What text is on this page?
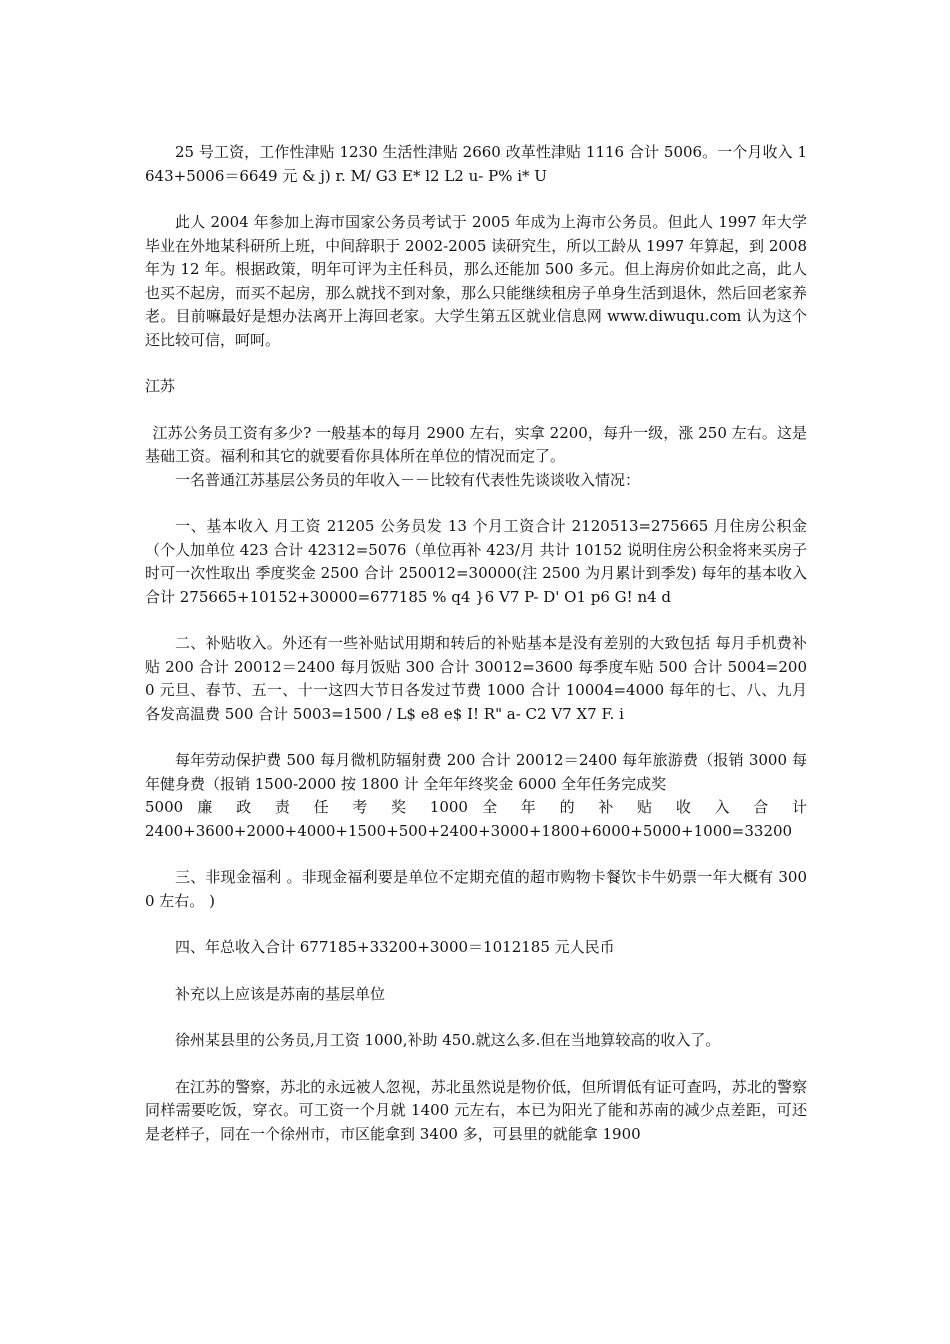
25 号工资，工作性津贴 1230 生活性津贴 2660 改革性津贴 1116 合计 5006。一个月收入 1643+5006＝6649 元 & j) r. M/ G3 E* l2 L2 u- P% i* U

此人 2004 年参加上海市国家公务员考试于 2005 年成为上海市公务员。但此人 1997 年大学毕业在外地某科研所上班，中间辞职于 2002-2005 读研究生，所以工龄从 1997 年算起，到 2008 年为 12 年。根据政策，明年可评为主任科员，那么还能加 500 多元。但上海房价如此之高，此人也买不起房，而买不起房，那么就找不到对象，那么只能继续租房子单身生活到退休，然后回老家养老。目前嘛最好是想办法离开上海回老家。大学生第五区就业信息网 www.diwuqu.com 认为这个还比较可信，呵呵。

江苏

江苏公务员工资有多少? 一般基本的每月 2900 左右，实拿 2200，每升一级，涨 250 左右。这是基础工资。福利和其它的就要看你具体所在单位的情况而定了。

一名普通江苏基层公务员的年收入－－比较有代表性先谈谈收入情况：

一、基本收入 月工资 21205 公务员发 13 个月工资合计 2120513=275665 月住房公积金（个人加单位 423 合计 42312=5076（单位再补 423/月 共计 10152 说明住房公积金将来买房子时可一次性取出 季度奖金 2500 合计 250012=30000(注 2500 为月累计到季发) 每年的基本收入合计 275665+10152+30000=677185 % q4 }6 V7 P- D' O1 p6 G! n4 d

二、补贴收入。外还有一些补贴试用期和转后的补贴基本是没有差别的大致包括 每月手机费补贴 200 合计 20012＝2400 每月饭贴 300 合计 30012=3600 每季度车贴 500 合计 5004=2000 元旦、春节、五一、十一这四大节日各发过节费 1000 合计 10004=4000 每年的七、八、九月各发高温费 500 合计 5003=1500 / L$ e8 e$ I! R" a- C2 V7 X7 F. i

每年劳动保护费 500 每月微机防辐射费 200 合计 20012＝2400 每年旅游费（报销 3000 每年健身费（报销 1500-2000 按 1800 计 全年年终奖金 6000 全年任务完成奖

5000 廉 政 责 任 考 奖 1000 全 年 的 补 贴 收 入 合 计

2400+3600+2000+4000+1500+500+2400+3000+1800+6000+5000+1000=33200

三、非现金福利 。非现金福利要是单位不定期充值的超市购物卡餐饮卡牛奶票一年大概有 3000 左右。 )

四、年总收入合计 677185+33200+3000＝1012185 元人民币

补充以上应该是苏南的基层单位

徐州某县里的公务员,月工资 1000,补助 450.就这么多.但在当地算较高的收入了。

在江苏的警察，苏北的永远被人忽视，苏北虽然说是物价低，但所谓低有证可查吗，苏北的警察同样需要吃饭，穿衣。可工资一个月就 1400 元左右，本已为阳光了能和苏南的减少点差距，可还是老样子，同在一个徐州市，市区能拿到 3400 多，可县里的就能拿 1900
